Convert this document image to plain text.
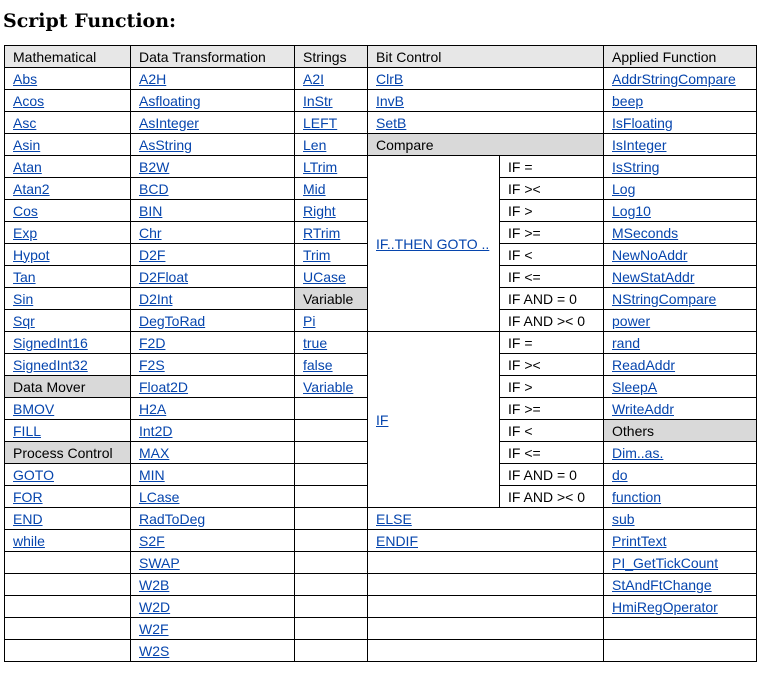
Script Function:
Mathematical	Data Transformation	Strings	Bit Control		Applied Function
Abs	A2H	A2I	ClrB		AddrStringCompare
Acos	Asfloating	InStr	InvB		beep
Asc	AsInteger	LEFT	SetB		IsFloating
Asin	AsString	Len	Compare		IsInteger
Atan	B2W	LTrim	IF..THEN GOTO ..	IF =	IsString
Atan2	BCD	Mid		IF ><	Log
Cos	BIN	Right		IF >	Log10
Exp	Chr	RTrim		IF >=	MSeconds
Hypot	D2F	Trim		IF <	NewNoAddr
Tan	D2Float	UCase		IF <=	NewStatAddr
Sin	D2Int	Variable		IF AND = 0	NStringCompare
Sqr	DegToRad	Pi		IF AND >< 0	power
SignedInt16	F2D	true	IF	IF =	rand
SignedInt32	F2S	false		IF ><	ReadAddr
Data Mover	Float2D	Variable		IF >	SleepA
BMOV	H2A			IF >=	WriteAddr
FILL	Int2D			IF <	Others
Process Control	MAX			IF <=	Dim..as.
GOTO	MIN			IF AND = 0	do
FOR	LCase			IF AND >< 0	function
END	RadToDeg		ELSE		sub
while	S2F		ENDIF		PrintText
	SWAP				PI_GetTickCount
	W2B				StAndFtChange
	W2D				HmiRegOperator
	W2F				
	W2S				
